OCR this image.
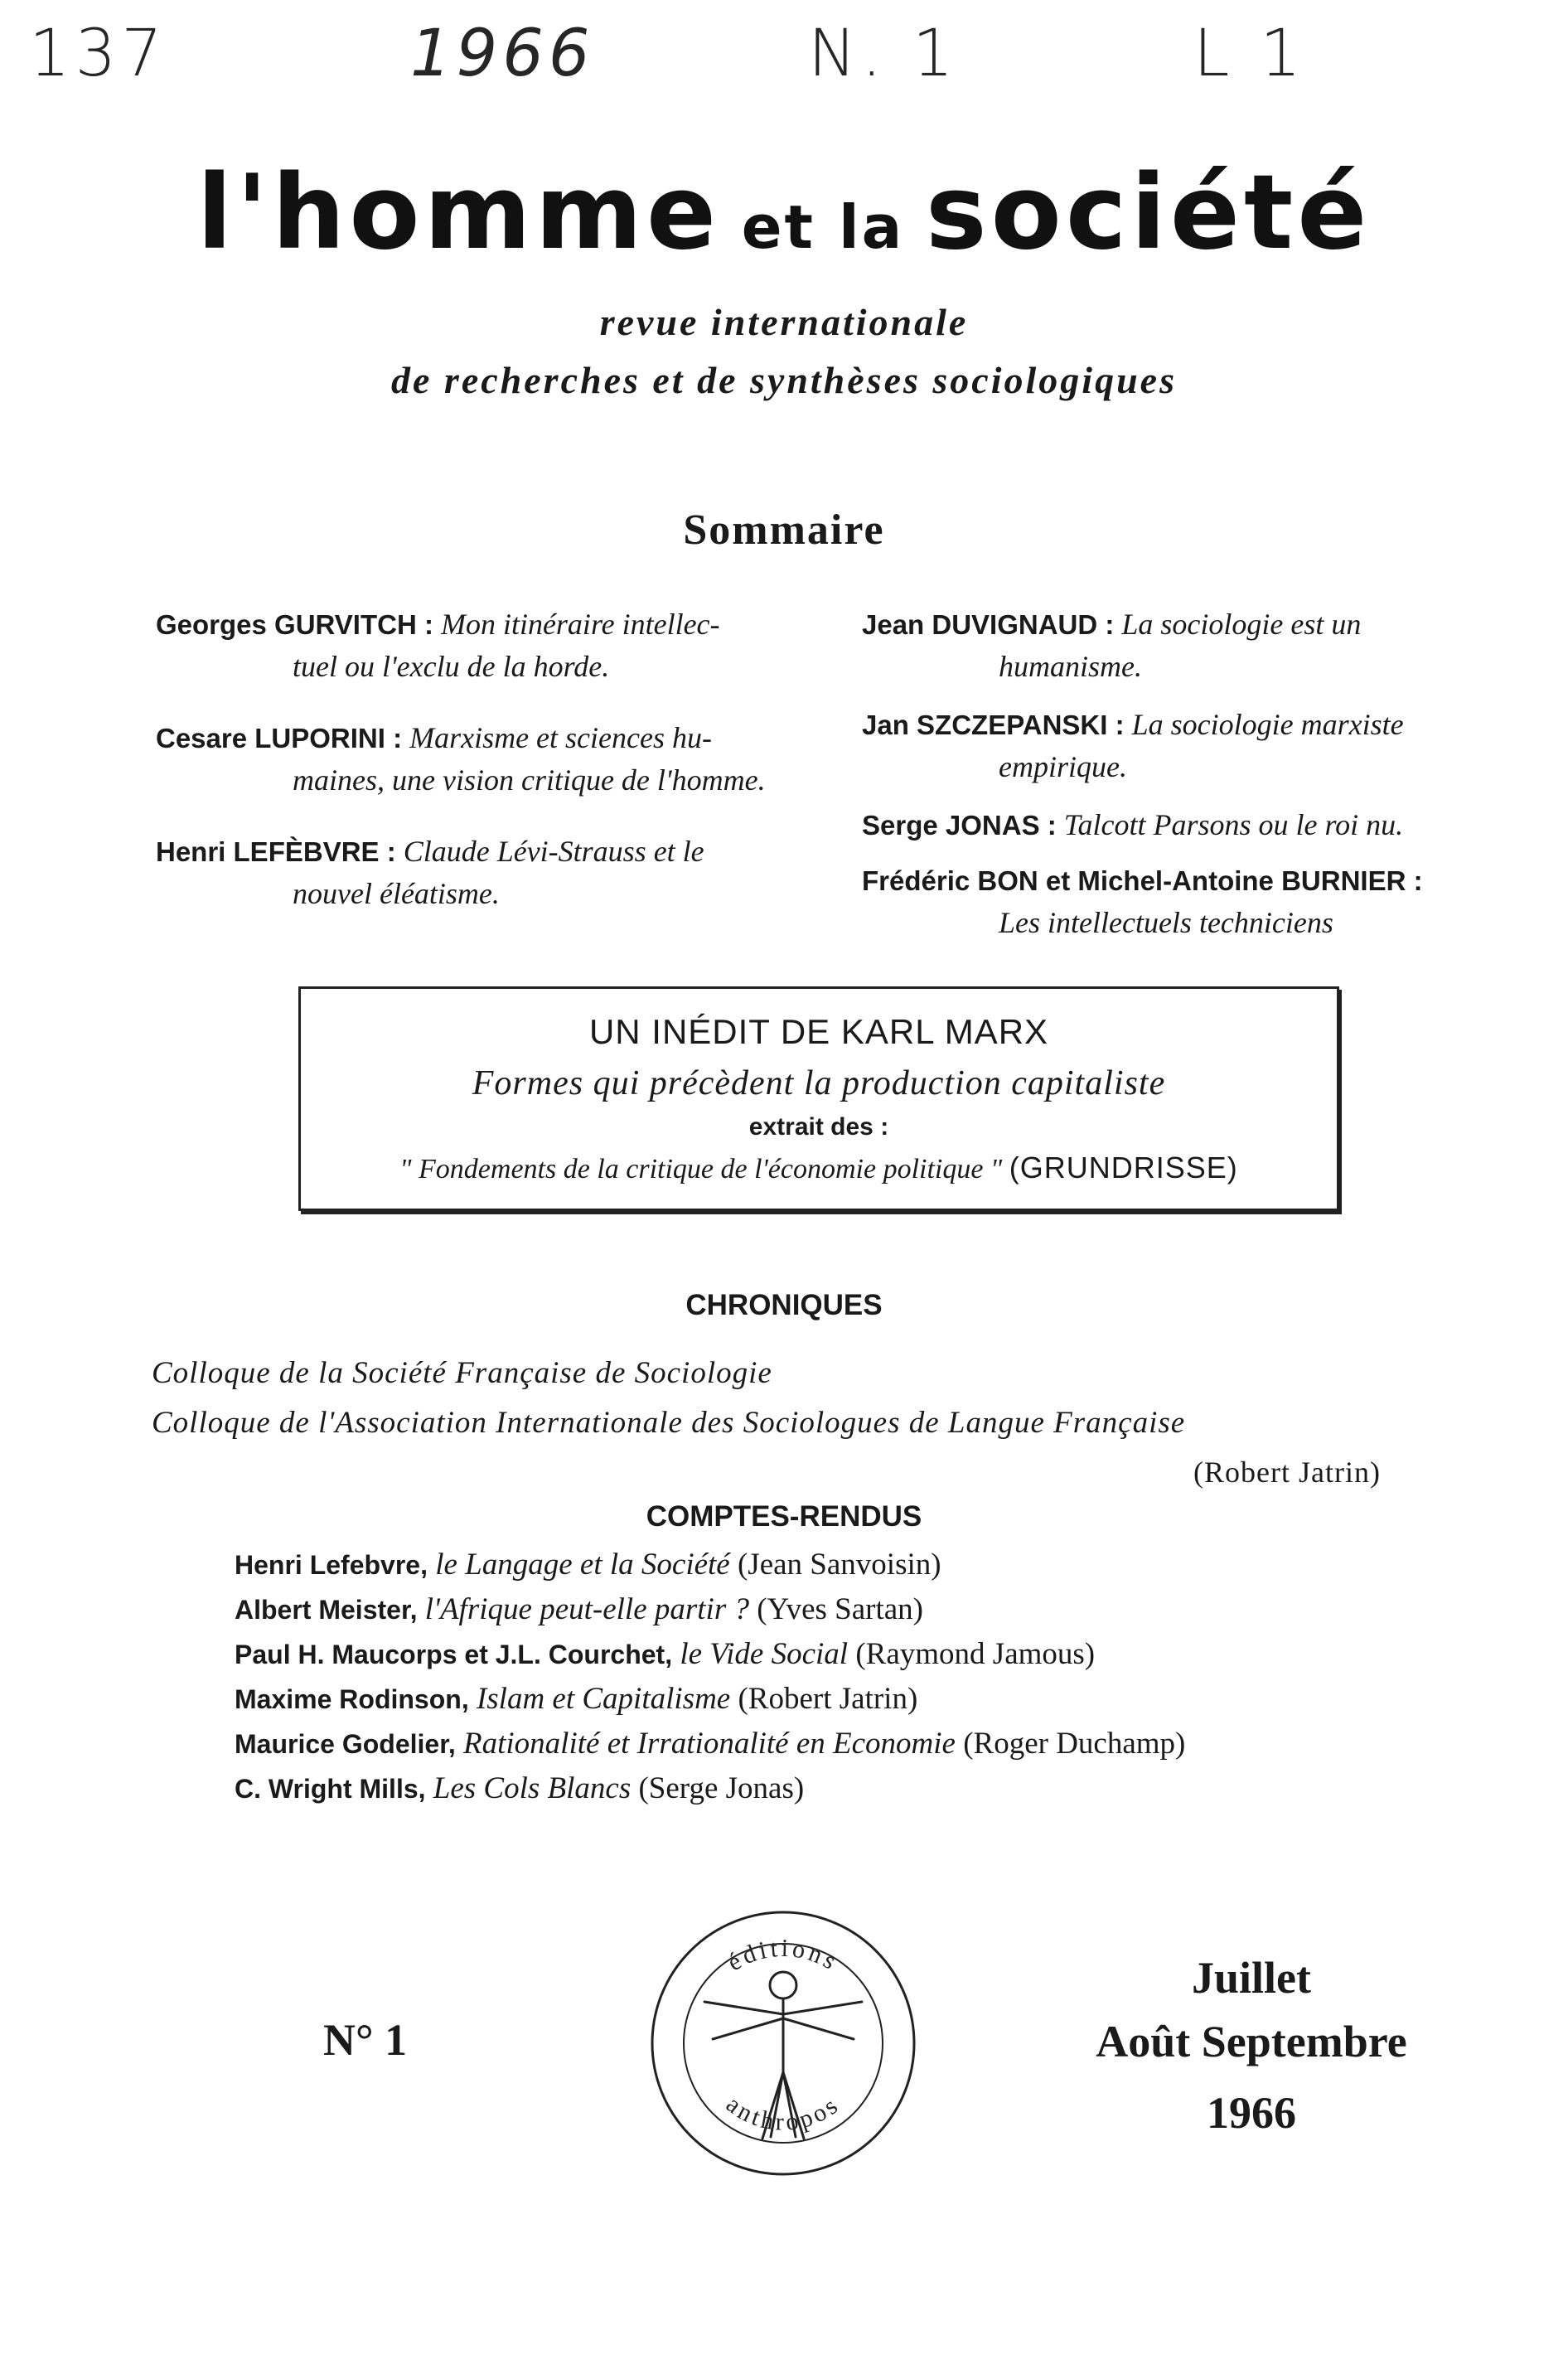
137	1966	N. 1	L 1
l'homme et la société
revue internationale
de recherches et de synthèses sociologiques
Sommaire
Georges GURVITCH : Mon itinéraire intellec-
tuel ou l'exclu de la horde.
Cesare LUPORINI : Marxisme et sciences hu-
maines, une vision critique de l'homme.
Henri LEFÈBVRE : Claude Lévi-Strauss et le
nouvel éléatisme.
Jean DUVIGNAUD : La sociologie est un
humanisme.
Jan SZCZEPANSKI : La sociologie marxiste
empirique.
Serge JONAS : Talcott Parsons ou le roi nu.
Frédéric BON et Michel-Antoine BURNIER :
Les intellectuels techniciens
UN INÉDIT DE KARL MARX
Formes qui précèdent la production capitaliste
extrait des :
" Fondements de la critique de l'économie politique " (GRUNDRISSE)
CHRONIQUES
Colloque de la Société Française de Sociologie
Colloque de l'Association Internationale des Sociologues de Langue Française
(Robert Jatrin)
COMPTES-RENDUS
Henri Lefebvre, le Langage et la Société (Jean Sanvoisin)
Albert Meister, l'Afrique peut-elle partir ? (Yves Sartan)
Paul H. Maucorps et J.L. Courchet, le Vide Social (Raymond Jamous)
Maxime Rodinson, Islam et Capitalisme (Robert Jatrin)
Maurice Godelier, Rationalité et Irrationalité en Economie (Roger Duchamp)
C. Wright Mills, Les Cols Blancs (Serge Jonas)
N° 1
éditions
anthropos
Juillet
Août Septembre
1966
